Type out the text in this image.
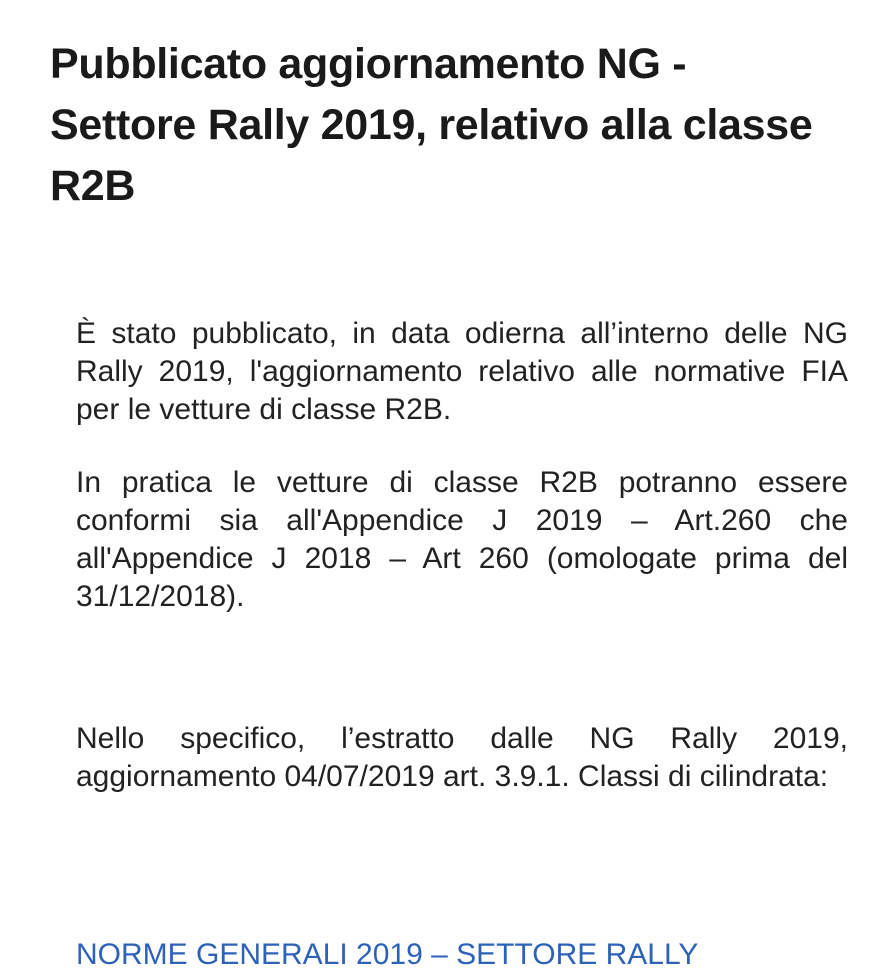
Pubblicato aggiornamento NG - Settore Rally 2019, relativo alla classe R2B

È stato pubblicato, in data odierna all’interno delle NG Rally 2019, l'aggiornamento relativo alle normative FIA per le vetture di classe R2B.

In pratica le vetture di classe R2B potranno essere conformi sia all'Appendice J 2019 – Art.260 che all'Appendice J 2018 – Art 260 (omologate prima del 31/12/2018).

Nello specifico, l’estratto dalle NG Rally 2019, aggiornamento 04/07/2019 art. 3.9.1. Classi di cilindrata:

NORME GENERALI 2019 – SETTORE RALLY
